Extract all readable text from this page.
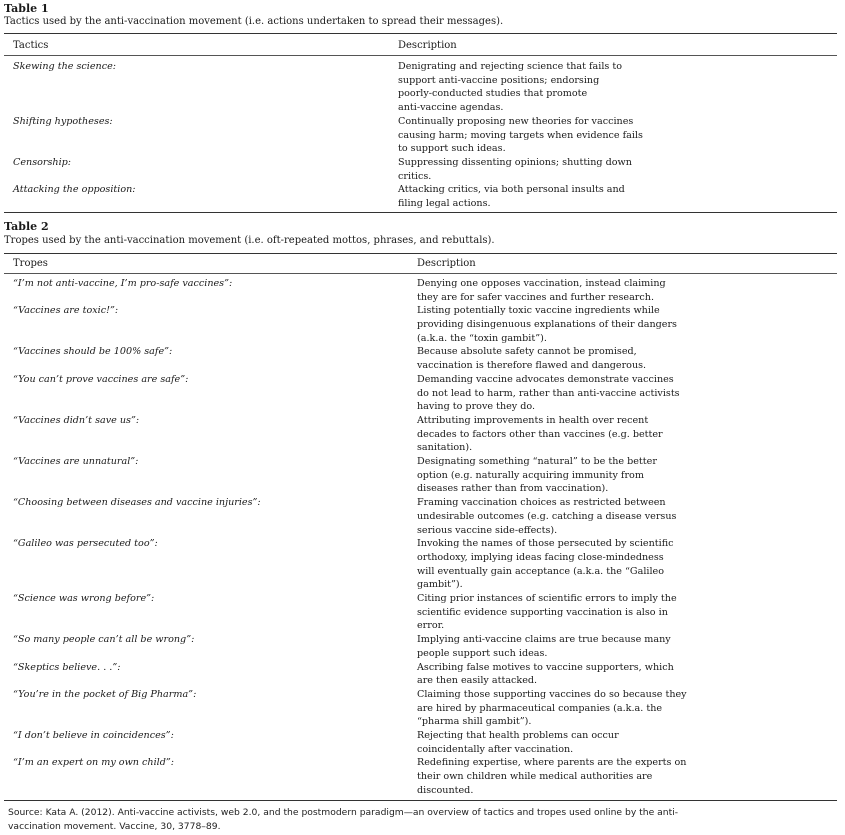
Table 1
Tactics used by the anti-vaccination movement (i.e. actions undertaken to spread their messages).
Tactics	Description
Skewing the science:	Denigrating and rejecting science that fails to
support anti-vaccine positions; endorsing
poorly-conducted studies that promote
anti-vaccine agendas.
Shifting hypotheses:	Continually proposing new theories for vaccines
causing harm; moving targets when evidence fails
to support such ideas.
Censorship:	Suppressing dissenting opinions; shutting down
critics.
Attacking the opposition:	Attacking critics, via both personal insults and
filing legal actions.
Table 2
Tropes used by the anti-vaccination movement (i.e. oft-repeated mottos, phrases, and rebuttals).
Tropes	Description
“I’m not anti-vaccine, I’m pro-safe vaccines”:	Denying one opposes vaccination, instead claiming
they are for safer vaccines and further research.
“Vaccines are toxic!”:	Listing potentially toxic vaccine ingredients while
providing disingenuous explanations of their dangers
(a.k.a. the “toxin gambit”).
“Vaccines should be 100% safe”:	Because absolute safety cannot be promised,
vaccination is therefore flawed and dangerous.
“You can’t prove vaccines are safe”:	Demanding vaccine advocates demonstrate vaccines
do not lead to harm, rather than anti-vaccine activists
having to prove they do.
“Vaccines didn’t save us”:	Attributing improvements in health over recent
decades to factors other than vaccines (e.g. better
sanitation).
“Vaccines are unnatural”:	Designating something “natural” to be the better
option (e.g. naturally acquiring immunity from
diseases rather than from vaccination).
“Choosing between diseases and vaccine injuries”:	Framing vaccination choices as restricted between
undesirable outcomes (e.g. catching a disease versus
serious vaccine side-effects).
“Galileo was persecuted too”:	Invoking the names of those persecuted by scientific
orthodoxy, implying ideas facing close-mindedness
will eventually gain acceptance (a.k.a. the “Galileo
gambit”).
“Science was wrong before”:	Citing prior instances of scientific errors to imply the
scientific evidence supporting vaccination is also in
error.
“So many people can’t all be wrong”:	Implying anti-vaccine claims are true because many
people support such ideas.
“Skeptics believe. . .”:	Ascribing false motives to vaccine supporters, which
are then easily attacked.
“You’re in the pocket of Big Pharma”:	Claiming those supporting vaccines do so because they
are hired by pharmaceutical companies (a.k.a. the
“pharma shill gambit”).
“I don’t believe in coincidences”:	Rejecting that health problems can occur
coincidentally after vaccination.
“I’m an expert on my own child”:	Redefining expertise, where parents are the experts on
their own children while medical authorities are
discounted.
Source: Kata A. (2012). Anti-vaccine activists, web 2.0, and the postmodern paradigm—an overview of tactics and tropes used online by the anti-
vaccination movement. Vaccine, 30, 3778–89.
